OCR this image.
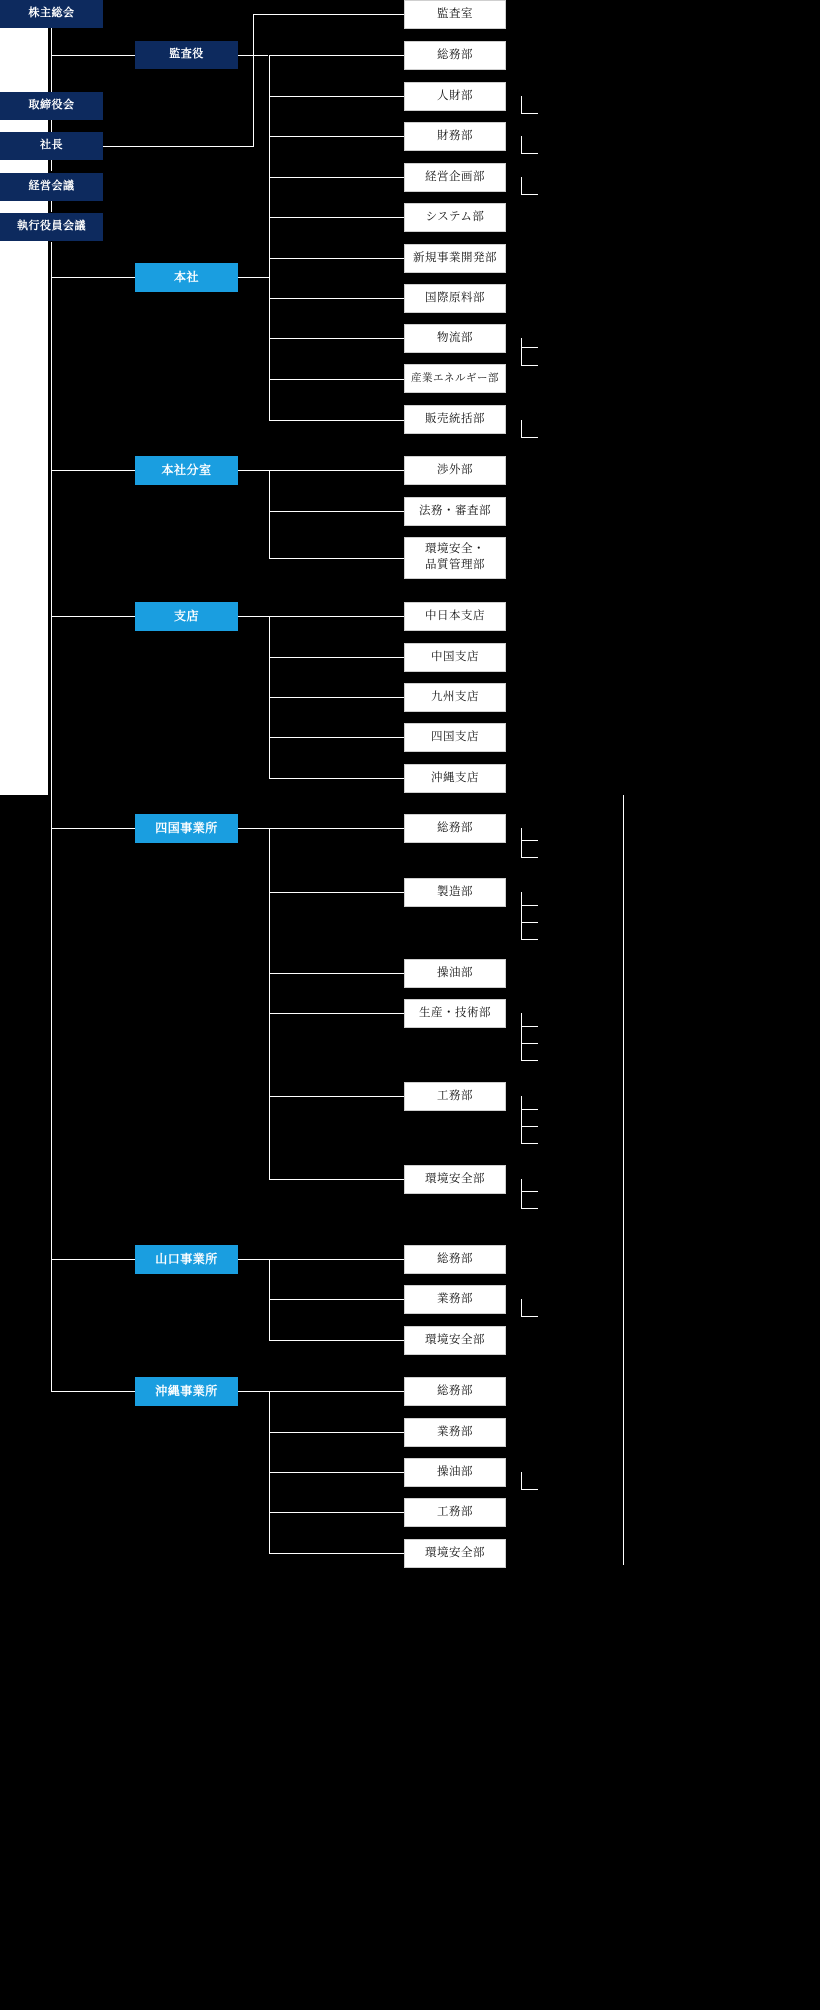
株主総会
監査役
取締役会
社長
経営会議
執行役員会議
監査室
本社
総務部
人財部
財務部
経営企画部
システム部
新規事業開発部
国際原料部
物流部
産業エネルギー部
販売統括部
本社分室	渉外部
法務・審査部
環境安全・
品質管理部
支店	中日本支店
中国支店
九州支店
四国支店
沖縄支店
四国事業所	総務部
製造部
操油部
生産・技術部
工務部
環境安全部
山口事業所	総務部
業務部
環境安全部
沖縄事業所	総務部
業務部
操油部
工務部
環境安全部
